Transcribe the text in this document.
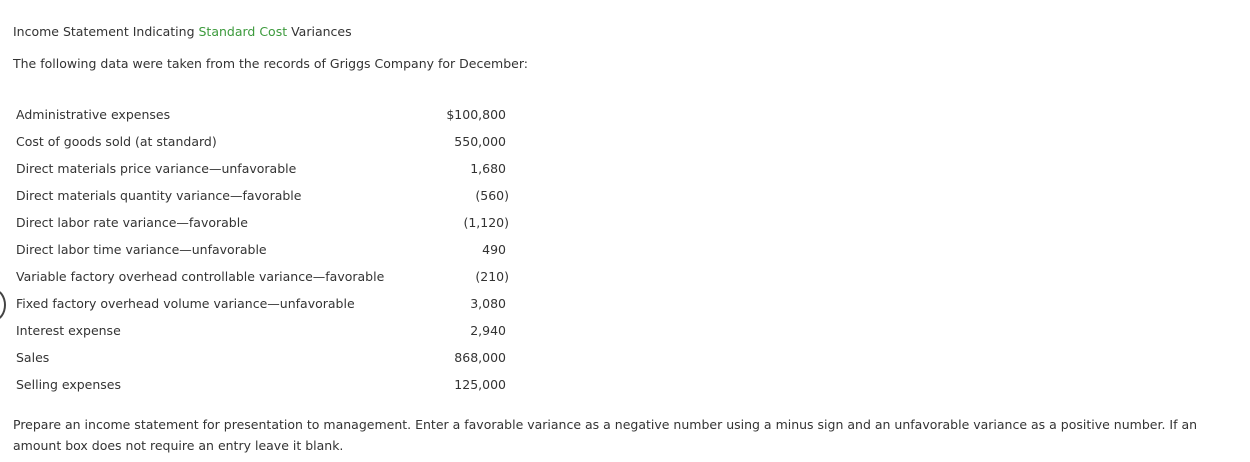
Income Statement Indicating Standard Cost Variances
The following data were taken from the records of Griggs Company for December:
Administrative expenses	$100,800
Cost of goods sold (at standard)	550,000
Direct materials price variance—unfavorable	1,680
Direct materials quantity variance—favorable	(560)
Direct labor rate variance—favorable	(1,120)
Direct labor time variance—unfavorable	490
Variable factory overhead controllable variance—favorable	(210)
Fixed factory overhead volume variance—unfavorable	3,080
Interest expense	2,940
Sales	868,000
Selling expenses	125,000
Prepare an income statement for presentation to management. Enter a favorable variance as a negative number using a minus sign and an unfavorable variance as a positive number. If an amount box does not require an entry leave it blank.
